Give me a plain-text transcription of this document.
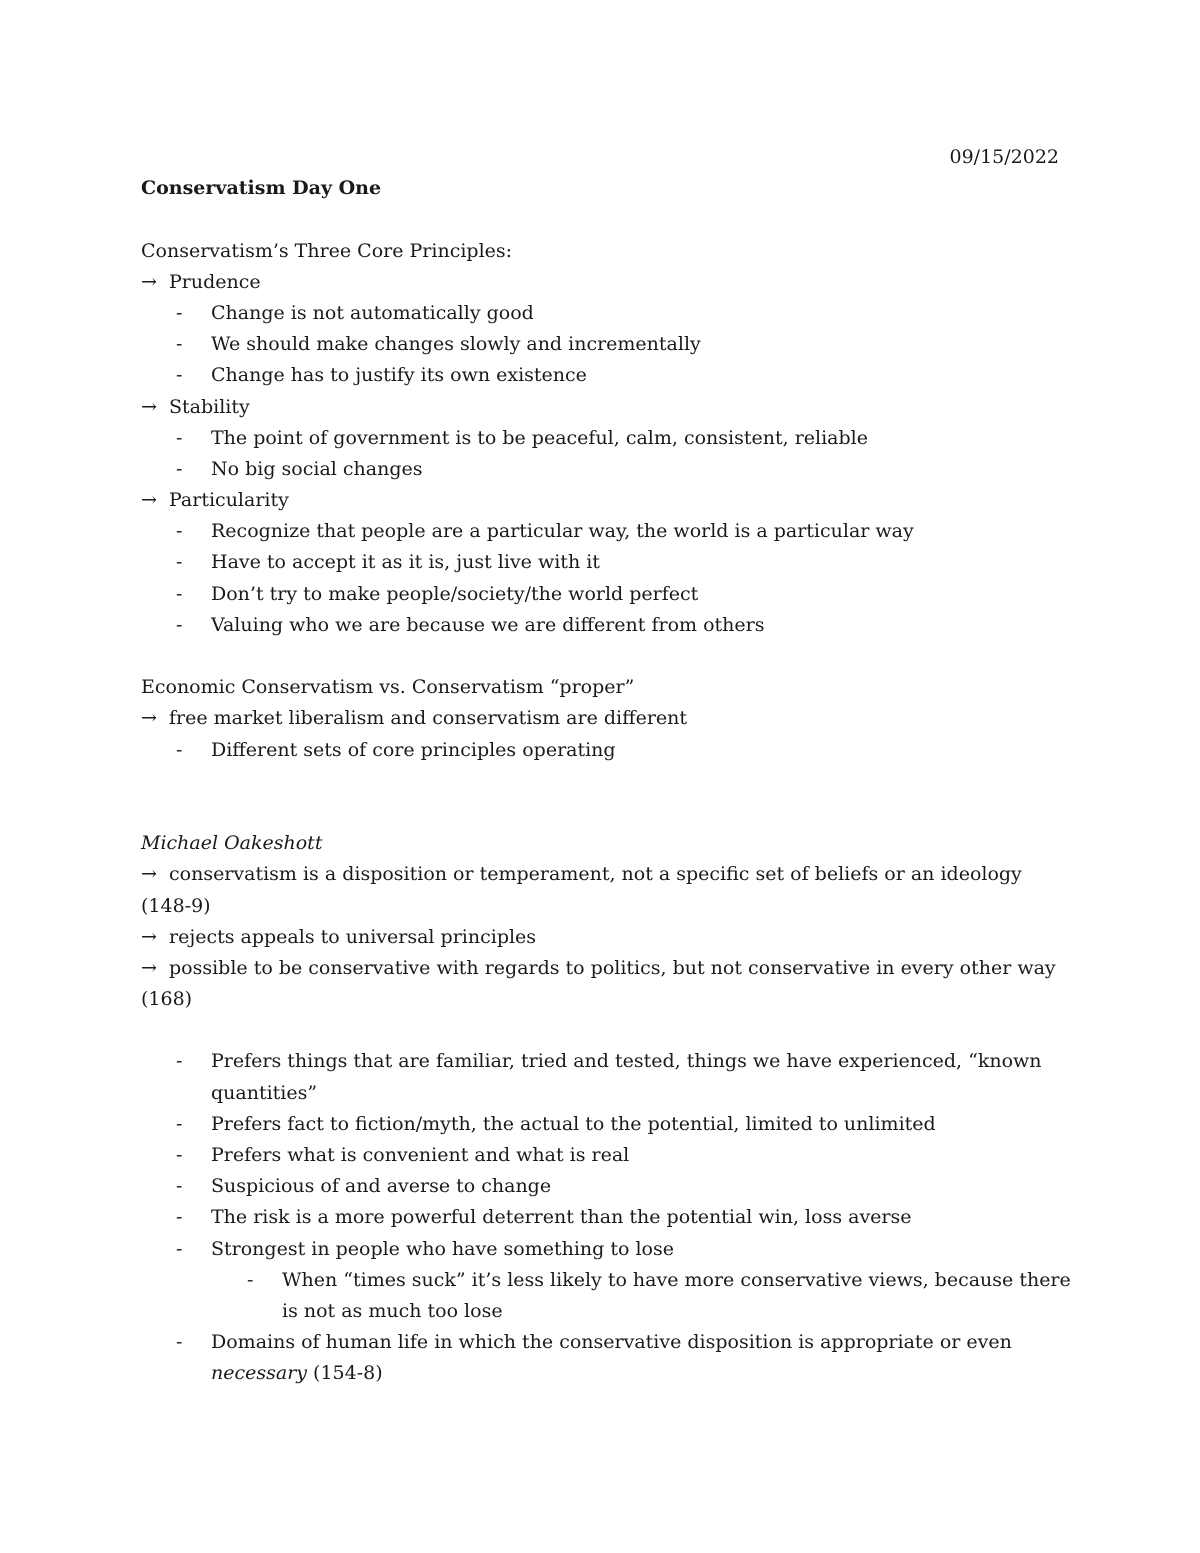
09/15/2022
Conservatism Day One
Conservatism’s Three Core Principles:
→ Prudence
- Change is not automatically good
- We should make changes slowly and incrementally
- Change has to justify its own existence
→ Stability
- The point of government is to be peaceful, calm, consistent, reliable
- No big social changes
→ Particularity
- Recognize that people are a particular way, the world is a particular way
- Have to accept it as it is, just live with it
- Don’t try to make people/society/the world perfect
- Valuing who we are because we are different from others
Economic Conservatism vs. Conservatism “proper”
→ free market liberalism and conservatism are different
- Different sets of core principles operating
Michael Oakeshott
→ conservatism is a disposition or temperament, not a specific set of beliefs or an ideology
(148-9)
→ rejects appeals to universal principles
→ possible to be conservative with regards to politics, but not conservative in every other way
(168)
- Prefers things that are familiar, tried and tested, things we have experienced, “known
quantities”
- Prefers fact to fiction/myth, the actual to the potential, limited to unlimited
- Prefers what is convenient and what is real
- Suspicious of and averse to change
- The risk is a more powerful deterrent than the potential win, loss averse
- Strongest in people who have something to lose
- When “times suck” it’s less likely to have more conservative views, because there
is not as much too lose
- Domains of human life in which the conservative disposition is appropriate or even
necessary (154-8)
